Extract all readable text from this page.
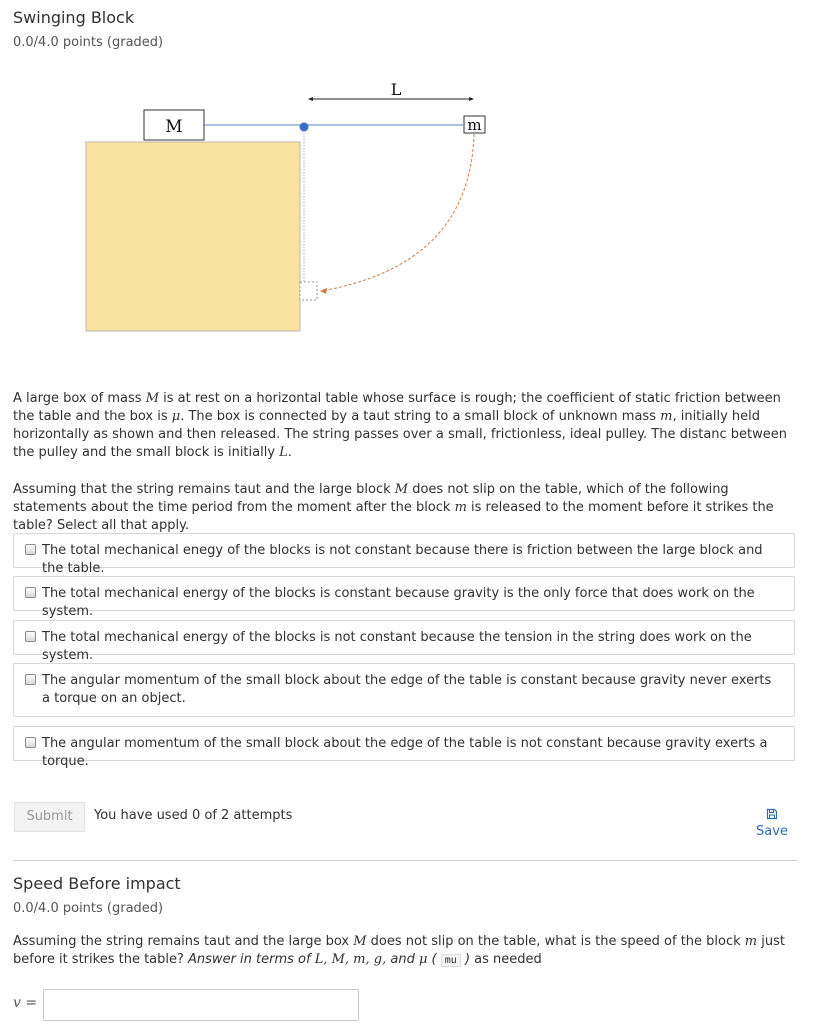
Swinging Block
0.0/4.0 points (graded)
M	m
L
A large box of mass M is at rest on a horizontal table whose surface is rough; the coefficient of static friction between the table and the box is μ. The box is connected by a taut string to a small block of unknown mass m, initially held horizontally as shown and then released. The string passes over a small, frictionless, ideal pulley. The distanc between the pulley and the small block is initially L.
Assuming that the string remains taut and the large block M does not slip on the table, which of the following statements about the time period from the moment after the block m is released to the moment before it strikes the table? Select all that apply.
The total mechanical enegy of the blocks is not constant because there is friction between the large block and the table.
The total mechanical energy of the blocks is constant because gravity is the only force that does work on the system.
The total mechanical energy of the blocks is not constant because the tension in the string does work on the system.
The angular momentum of the small block about the edge of the table is constant because gravity never exerts a torque on an object.
The angular momentum of the small block about the edge of the table is not constant because gravity exerts a torque.
Submit	You have used 0 of 2 attempts
Save
Speed Before impact
0.0/4.0 points (graded)
Assuming the string remains taut and the large box M does not slip on the table, what is the speed of the block m just before it strikes the table? Answer in terms of L, M, m, g, and μ ( mu ) as needed
v =
